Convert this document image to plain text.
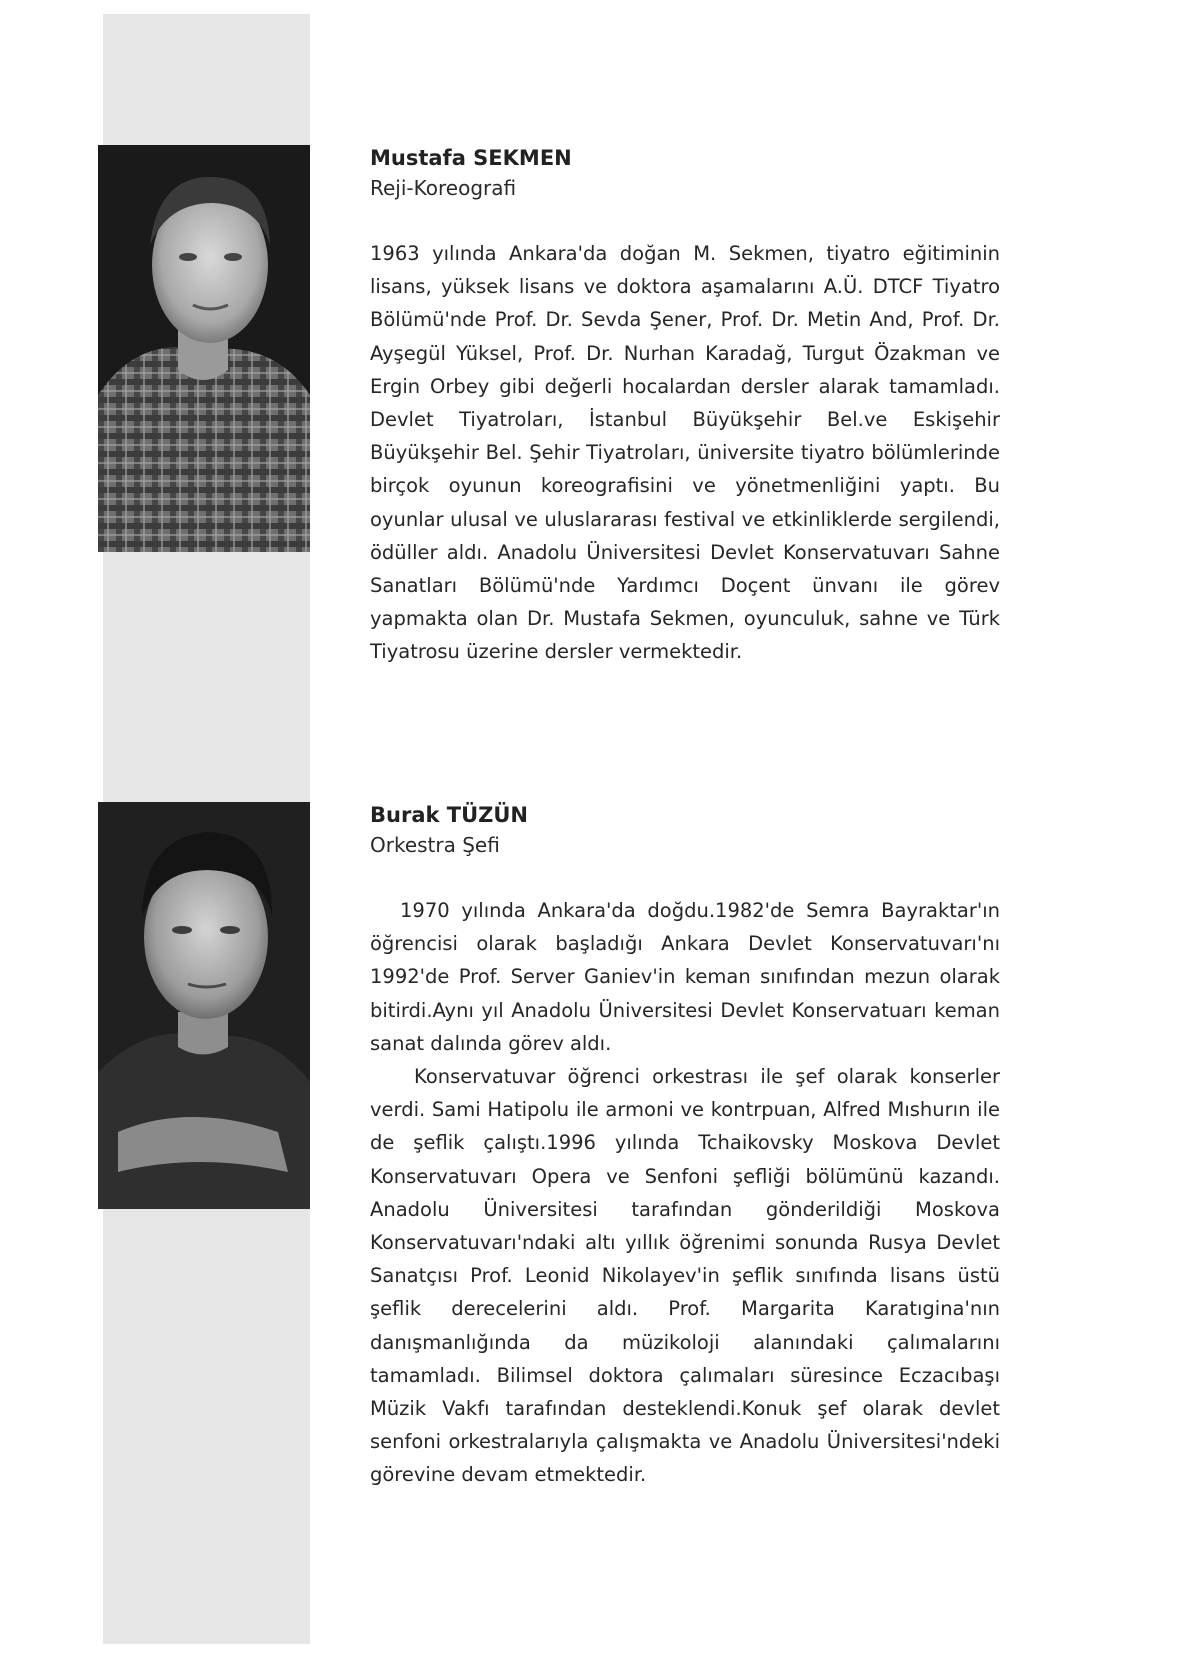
Mustafa SEKMEN

Reji-Koreografi

1963 yılında Ankara'da doğan M. Sekmen, tiyatro eğitiminin lisans, yüksek lisans ve doktora aşamalarını A.Ü. DTCF Tiyatro Bölümü'nde Prof. Dr. Sevda Şener, Prof. Dr. Metin And, Prof. Dr. Ayşegül Yüksel, Prof. Dr. Nurhan Karadağ, Turgut Özakman ve Ergin Orbey gibi değerli hocalardan dersler alarak tamamladı. Devlet Tiyatroları, İstanbul Büyükşehir Bel.ve Eskişehir Büyükşehir Bel. Şehir Tiyatroları, üniversite tiyatro bölümlerinde birçok oyunun koreografisini ve yönetmenliğini yaptı. Bu oyunlar ulusal ve uluslararası festival ve etkinliklerde sergilendi, ödüller aldı. Anadolu Üniversitesi Devlet Konservatuvarı Sahne Sanatları Bölümü'nde Yardımcı Doçent ünvanı ile görev yapmakta olan Dr. Mustafa Sekmen, oyunculuk, sahne ve Türk Tiyatrosu üzerine dersler vermektedir.

Burak TÜZÜN

Orkestra Şefi

1970 yılında Ankara'da doğdu.1982'de Semra Bayraktar'ın öğrencisi olarak başladığı Ankara Devlet Konservatuvarı'nı 1992'de Prof. Server Ganiev'in keman sınıfından mezun olarak bitirdi.Aynı yıl Anadolu Üniversitesi Devlet Konservatuarı keman sanat dalında görev aldı.

Konservatuvar öğrenci orkestrası ile şef olarak konserler verdi. Sami Hatipolu ile armoni ve kontrpuan, Alfred Mıshurın ile de şeflik çalıştı.1996 yılında Tchaikovsky Moskova Devlet Konservatuvarı Opera ve Senfoni şefliği bölümünü kazandı. Anadolu Üniversitesi tarafından gönderildiği Moskova Konservatuvarı'ndaki altı yıllık öğrenimi sonunda Rusya Devlet Sanatçısı Prof. Leonid Nikolayev'in şeflik sınıfında lisans üstü şeflik derecelerini aldı. Prof. Margarita Karatıgina'nın danışmanlığında da müzikoloji alanındaki çalımalarını tamamladı. Bilimsel doktora çalımaları süresince Eczacıbaşı Müzik Vakfı tarafından desteklendi.Konuk şef olarak devlet senfoni orkestralarıyla çalışmakta ve Anadolu Üniversitesi'ndeki görevine devam etmektedir.
